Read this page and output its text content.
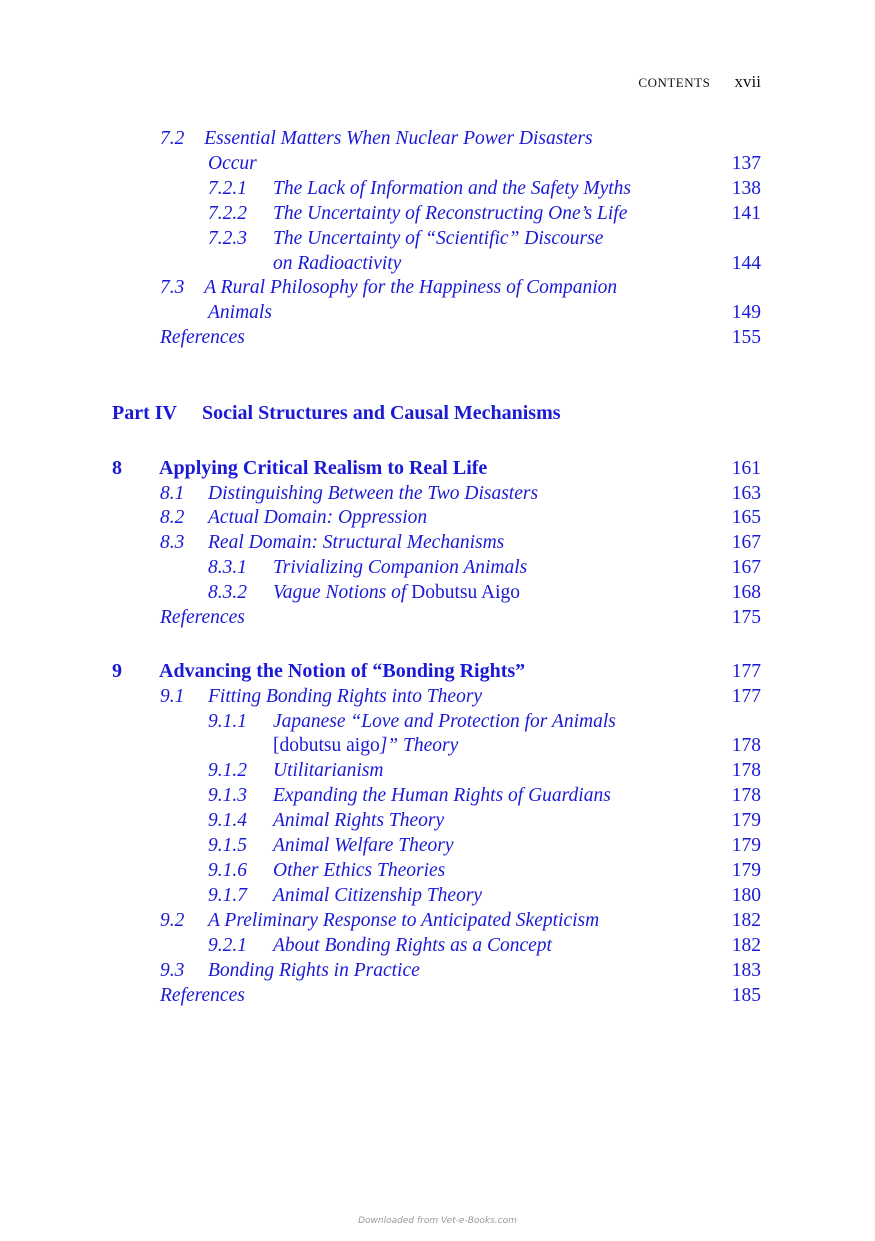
CONTENTS xvii
7.2 Essential Matters When Nuclear Power Disasters
Occur	137
7.2.1 The Lack of Information and the Safety Myths	138
7.2.2 The Uncertainty of Reconstructing One’s Life	141
7.2.3 The Uncertainty of “Scientific” Discourse
on Radioactivity	144
7.3 A Rural Philosophy for the Happiness of Companion
Animals	149
References	155
Part IV Social Structures and Causal Mechanisms
8 Applying Critical Realism to Real Life	161
8.1 Distinguishing Between the Two Disasters	163
8.2 Actual Domain: Oppression	165
8.3 Real Domain: Structural Mechanisms	167
8.3.1 Trivializing Companion Animals	167
8.3.2 Vague Notions of Dobutsu Aigo	168
References	175
9 Advancing the Notion of “Bonding Rights”	177
9.1 Fitting Bonding Rights into Theory	177
9.1.1 Japanese “Love and Protection for Animals
[dobutsu aigo]” Theory	178
9.1.2 Utilitarianism	178
9.1.3 Expanding the Human Rights of Guardians	178
9.1.4 Animal Rights Theory	179
9.1.5 Animal Welfare Theory	179
9.1.6 Other Ethics Theories	179
9.1.7 Animal Citizenship Theory	180
9.2 A Preliminary Response to Anticipated Skepticism	182
9.2.1 About Bonding Rights as a Concept	182
9.3 Bonding Rights in Practice	183
References	185
Downloaded from Vet-e-Books.com
